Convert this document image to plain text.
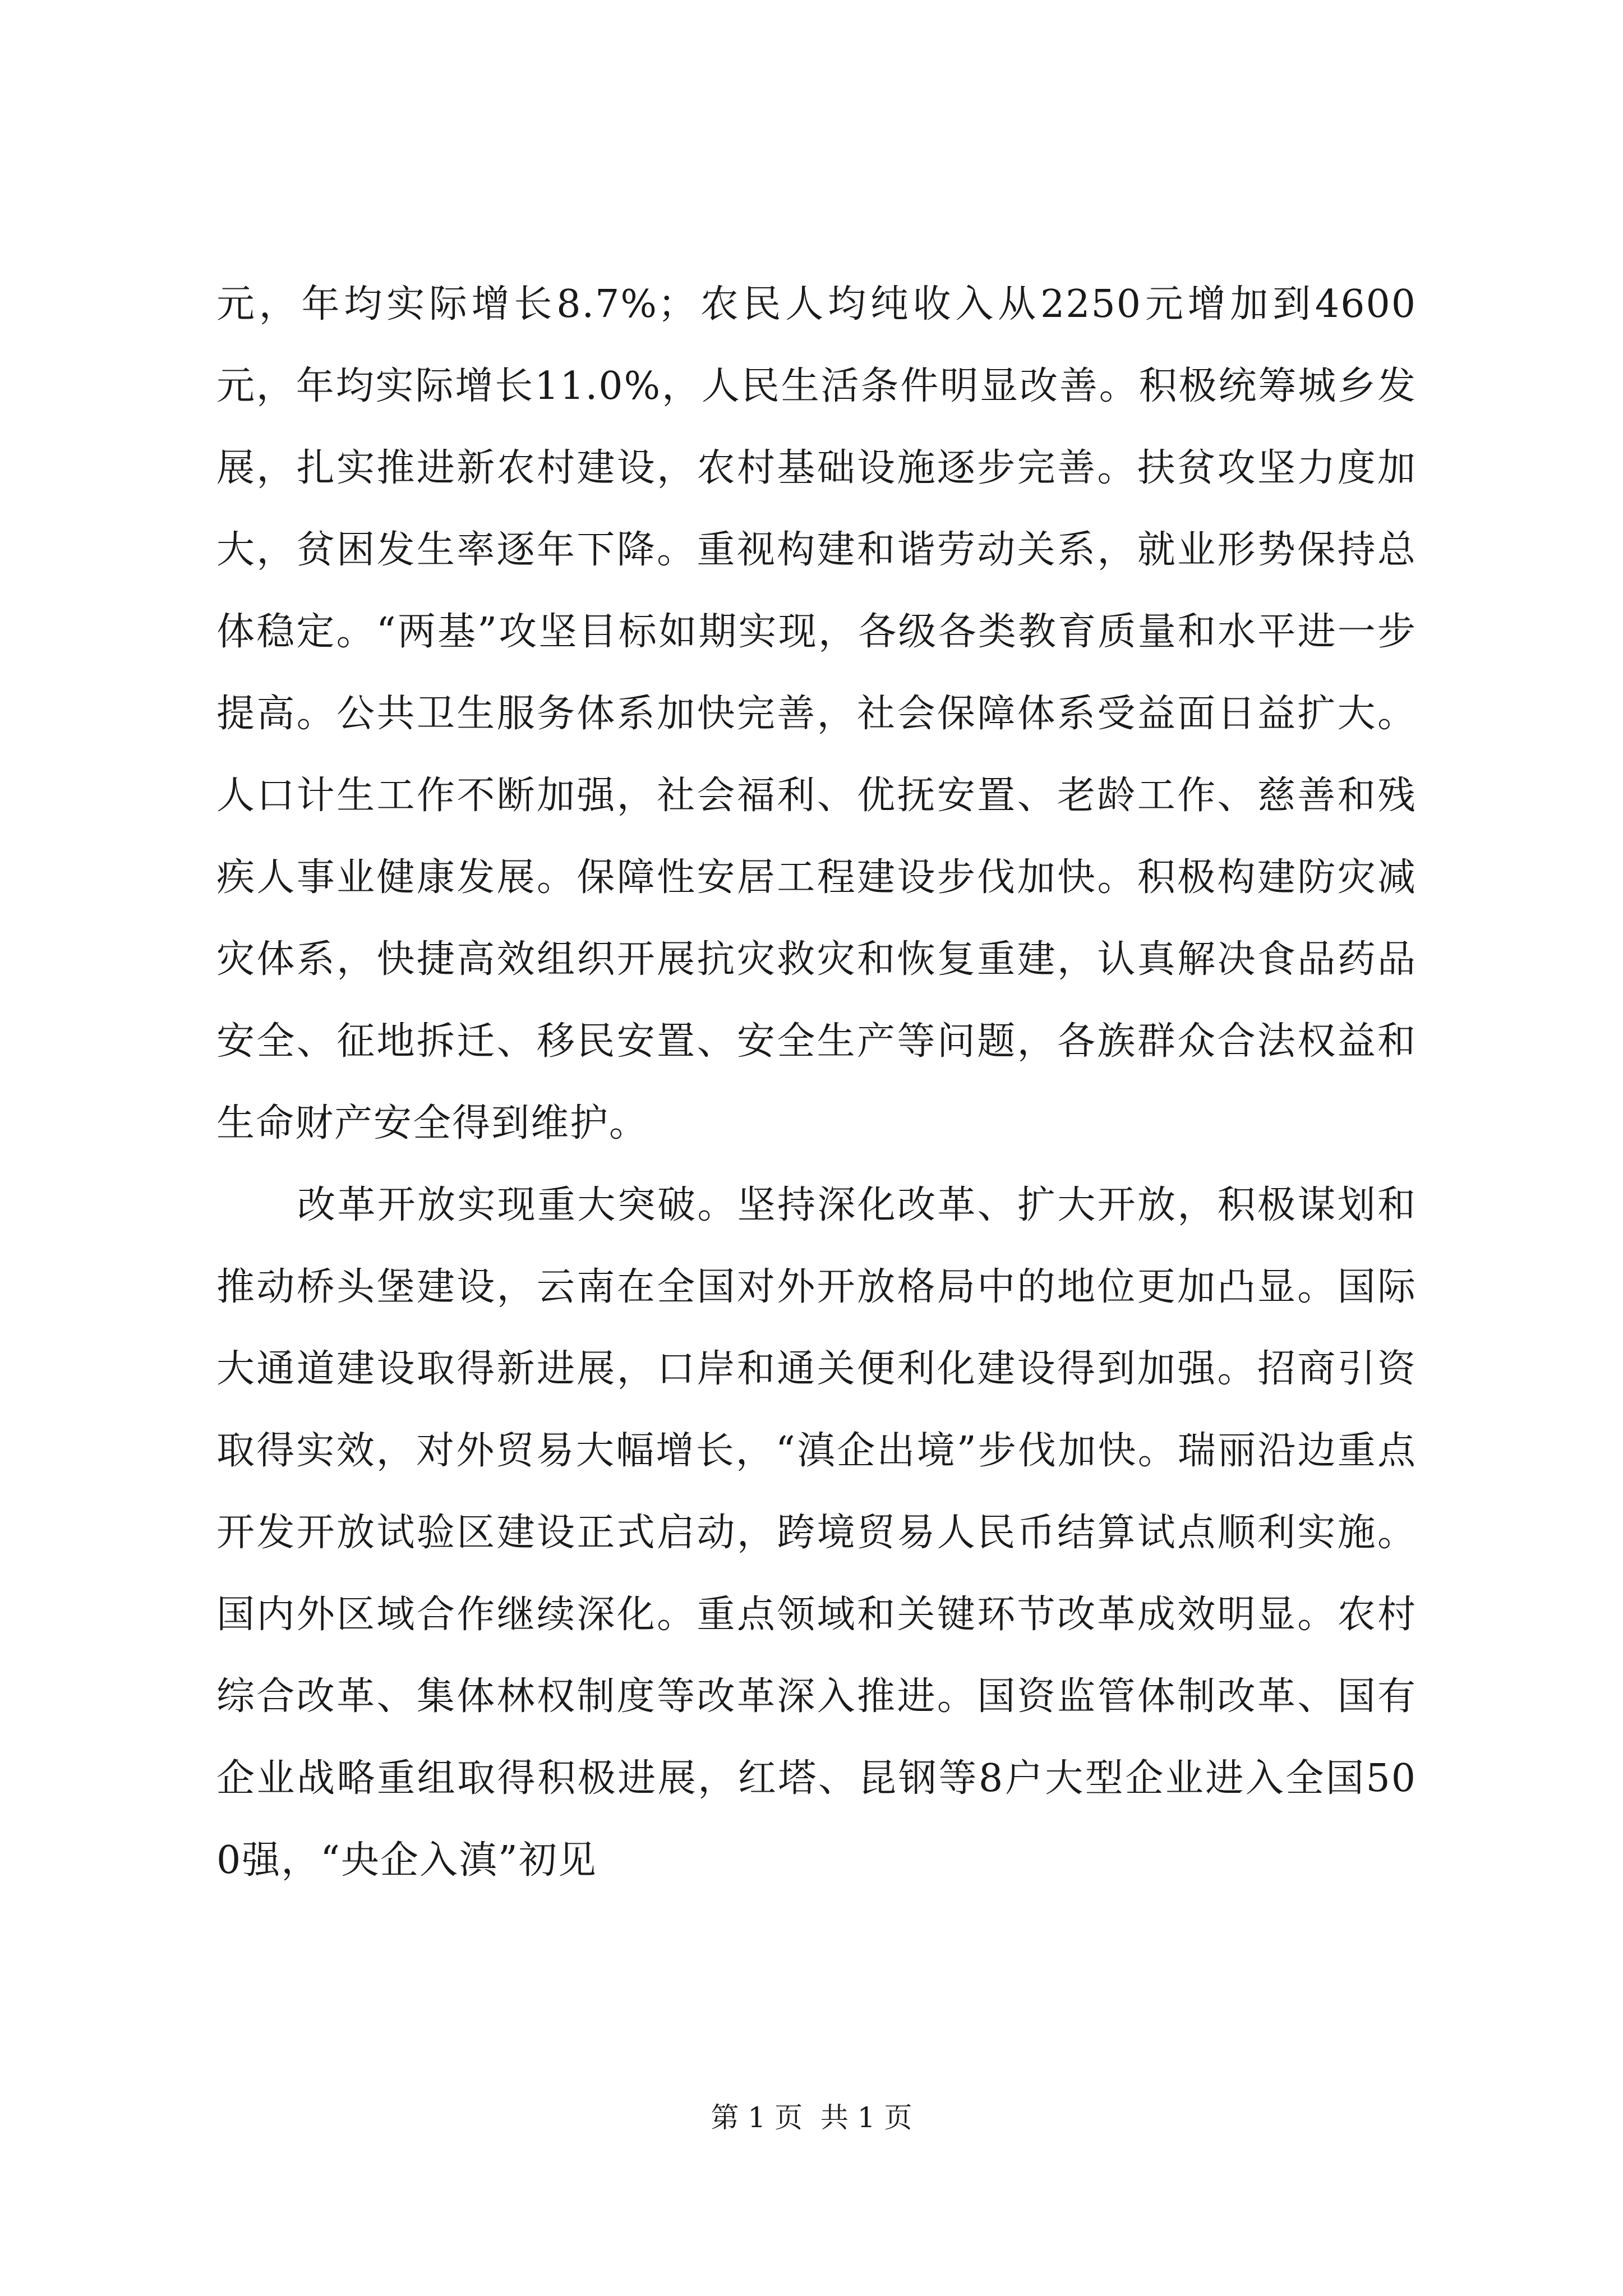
元，年均实际增长8.7%；农民人均纯收入从2250元增加到4600元，年均实际增长11.0%，人民生活条件明显改善。积极统筹城乡发展，扎实推进新农村建设，农村基础设施逐步完善。扶贫攻坚力度加大，贫困发生率逐年下降。重视构建和谐劳动关系，就业形势保持总体稳定。“两基”攻坚目标如期实现，各级各类教育质量和水平进一步提高。公共卫生服务体系加快完善，社会保障体系受益面日益扩大。人口计生工作不断加强，社会福利、优抚安置、老龄工作、慈善和残疾人事业健康发展。保障性安居工程建设步伐加快。积极构建防灾减灾体系，快捷高效组织开展抗灾救灾和恢复重建，认真解决食品药品安全、征地拆迁、移民安置、安全生产等问题，各族群众合法权益和生命财产安全得到维护。

改革开放实现重大突破。坚持深化改革、扩大开放，积极谋划和推动桥头堡建设，云南在全国对外开放格局中的地位更加凸显。国际大通道建设取得新进展，口岸和通关便利化建设得到加强。招商引资取得实效，对外贸易大幅增长，“滇企出境”步伐加快。瑞丽沿边重点开发开放试验区建设正式启动，跨境贸易人民币结算试点顺利实施。国内外区域合作继续深化。重点领域和关键环节改革成效明显。农村综合改革、集体林权制度等改革深入推进。国资监管体制改革、国有企业战略重组取得积极进展，红塔、昆钢等8户大型企业进入全国500强，“央企入滇”初见

第 1 页  共 1 页
